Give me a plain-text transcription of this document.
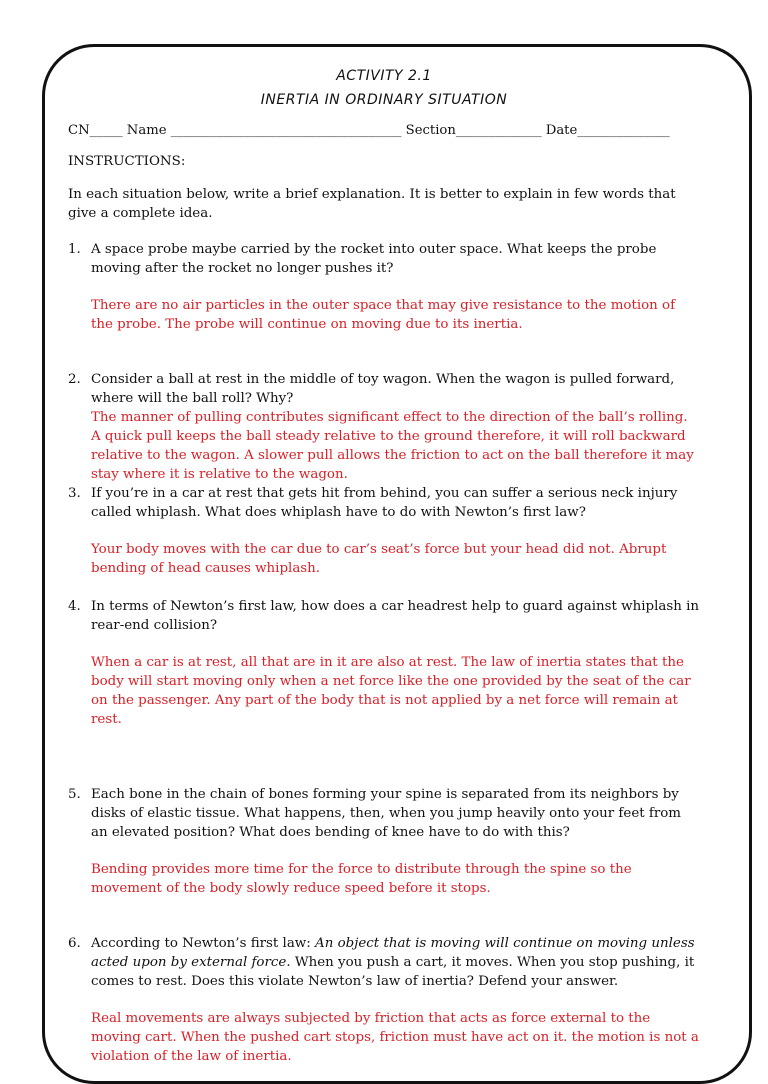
ACTIVITY 2.1
INERTIA IN ORDINARY SITUATION
CN_____ Name ___________________________________ Section_____________ Date______________
INSTRUCTIONS:
In each situation below, write a brief explanation. It is better to explain in few words that give a complete idea.
1. A space probe maybe carried by the rocket into outer space. What keeps the probe moving after the rocket no longer pushes it?
There are no air particles in the outer space that may give resistance to the motion of the probe. The probe will continue on moving due to its inertia.
2. Consider a ball at rest in the middle of toy wagon. When the wagon is pulled forward, where will the ball roll? Why?
The manner of pulling contributes significant effect to the direction of the ball’s rolling. A quick pull keeps the ball steady relative to the ground therefore, it will roll backward relative to the wagon. A slower pull allows the friction to act on the ball therefore it may stay where it is relative to the wagon.
3. If you’re in a car at rest that gets hit from behind, you can suffer a serious neck injury called whiplash. What does whiplash have to do with Newton’s first law?
Your body moves with the car due to car’s seat’s force but your head did not. Abrupt bending of head causes whiplash.
4. In terms of Newton’s first law, how does a car headrest help to guard against whiplash in rear-end collision?
When a car is at rest, all that are in it are also at rest. The law of inertia states that the body will start moving only when a net force like the one provided by the seat of the car on the passenger. Any part of the body that is not applied by a net force will remain at rest.
5. Each bone in the chain of bones forming your spine is separated from its neighbors by disks of elastic tissue. What happens, then, when you jump heavily onto your feet from an elevated position? What does bending of knee have to do with this?
Bending provides more time for the force to distribute through the spine so the movement of the body slowly reduce speed before it stops.
6. According to Newton’s first law: An object that is moving will continue on moving unless acted upon by external force. When you push a cart, it moves. When you stop pushing, it comes to rest. Does this violate Newton’s law of inertia? Defend your answer.
Real movements are always subjected by friction that acts as force external to the moving cart. When the pushed cart stops, friction must have act on it. the motion is not a violation of the law of inertia.
